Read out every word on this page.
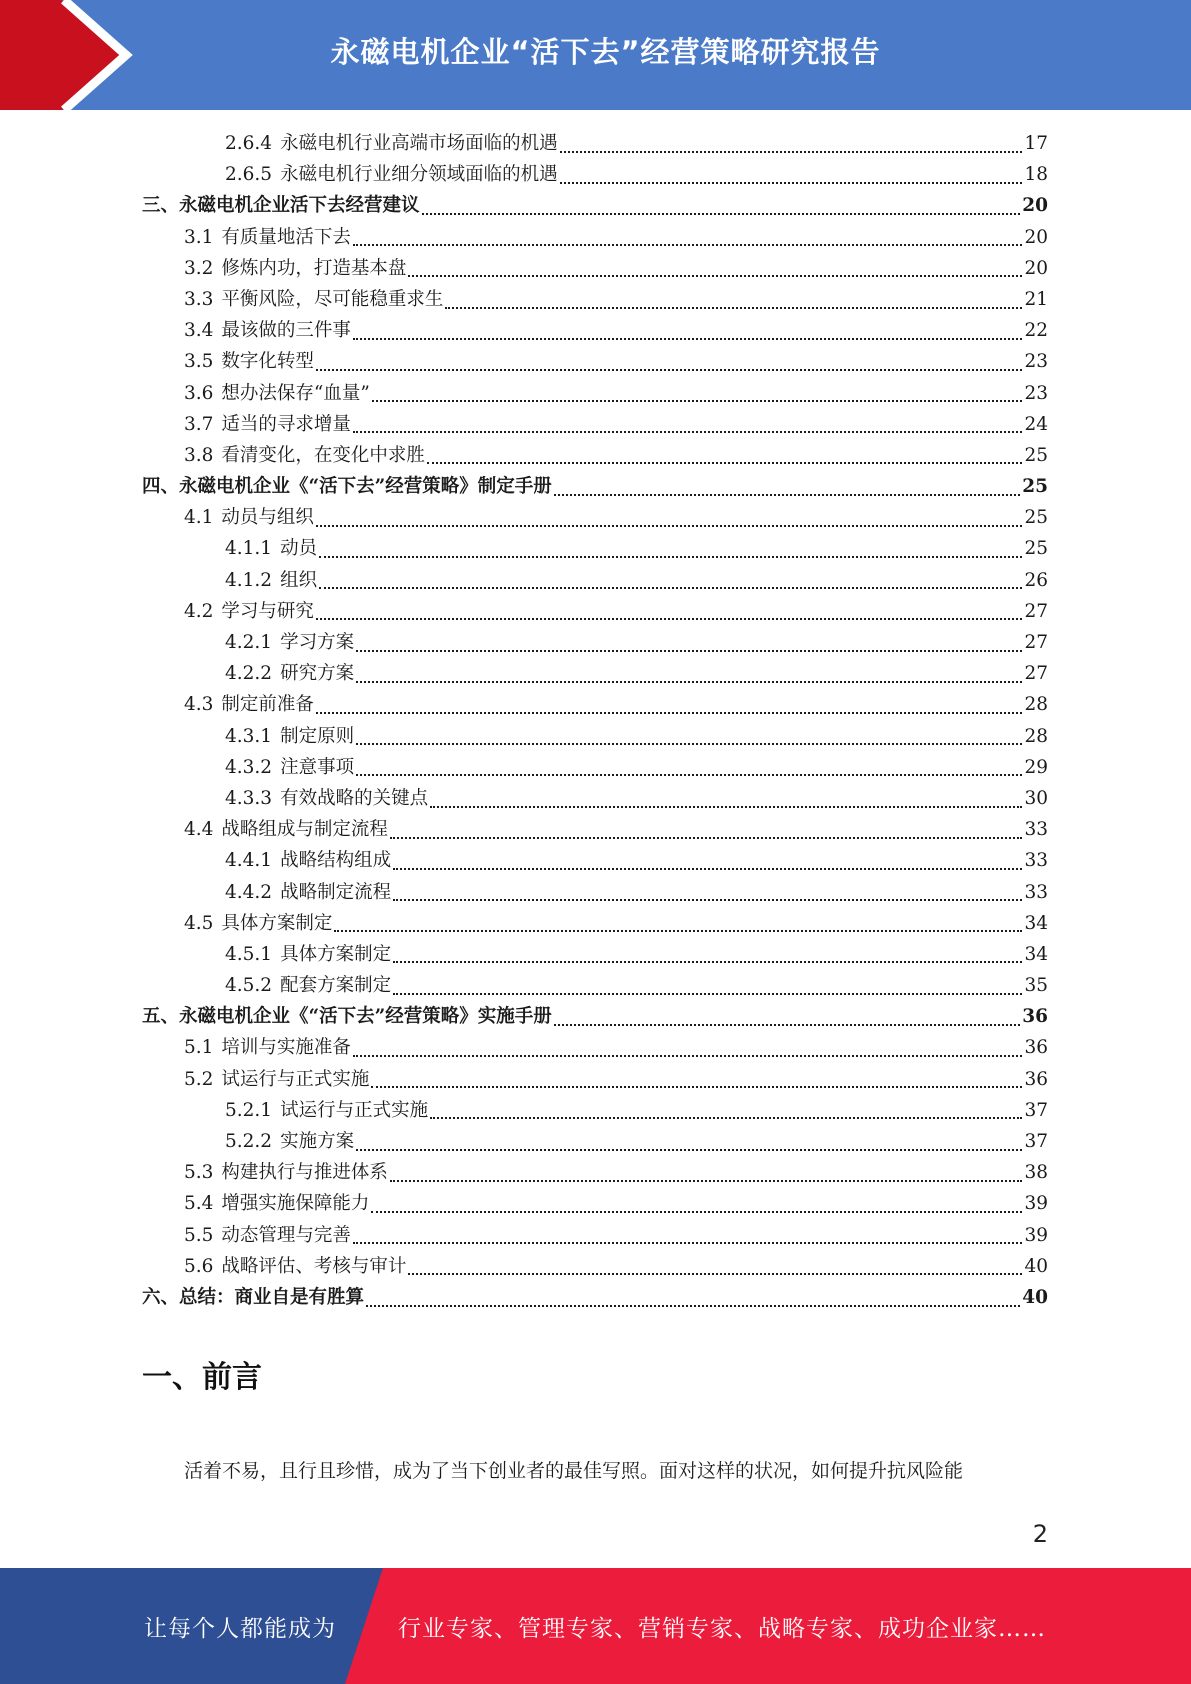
永磁电机企业“活下去”经营策略研究报告
2.6.4 永磁电机行业高端市场面临的机遇	17
2.6.5 永磁电机行业细分领域面临的机遇	18
三、 永磁电机企业活下去经营建议	20
3.1 有质量地活下去	20
3.2 修炼内功，打造基本盘	20
3.3 平衡风险，尽可能稳重求生	21
3.4 最该做的三件事	22
3.5 数字化转型	23
3.6 想办法保存“血量”	23
3.7 适当的寻求增量	24
3.8 看清变化，在变化中求胜	25
四、 永磁电机企业《“活下去”经营策略》制定手册	25
4.1 动员与组织	25
4.1.1 动员	25
4.1.2 组织	26
4.2 学习与研究	27
4.2.1 学习方案	27
4.2.2 研究方案	27
4.3 制定前准备	28
4.3.1 制定原则	28
4.3.2 注意事项	29
4.3.3 有效战略的关键点	30
4.4 战略组成与制定流程	33
4.4.1 战略结构组成	33
4.4.2 战略制定流程	33
4.5 具体方案制定	34
4.5.1 具体方案制定	34
4.5.2 配套方案制定	35
五、 永磁电机企业《“活下去”经营策略》实施手册	36
5.1 培训与实施准备	36
5.2 试运行与正式实施	36
5.2.1 试运行与正式实施	37
5.2.2 实施方案	37
5.3 构建执行与推进体系	38
5.4 增强实施保障能力	39
5.5 动态管理与完善	39
5.6 战略评估、考核与审计	40
六、 总结：商业自是有胜算	40
一、前言
活着不易，且行且珍惜，成为了当下创业者的最佳写照。面对这样的状况，如何提升抗风险能
2
让每个人都能成为	行业专家、管理专家、营销专家、战略专家、成功企业家……
